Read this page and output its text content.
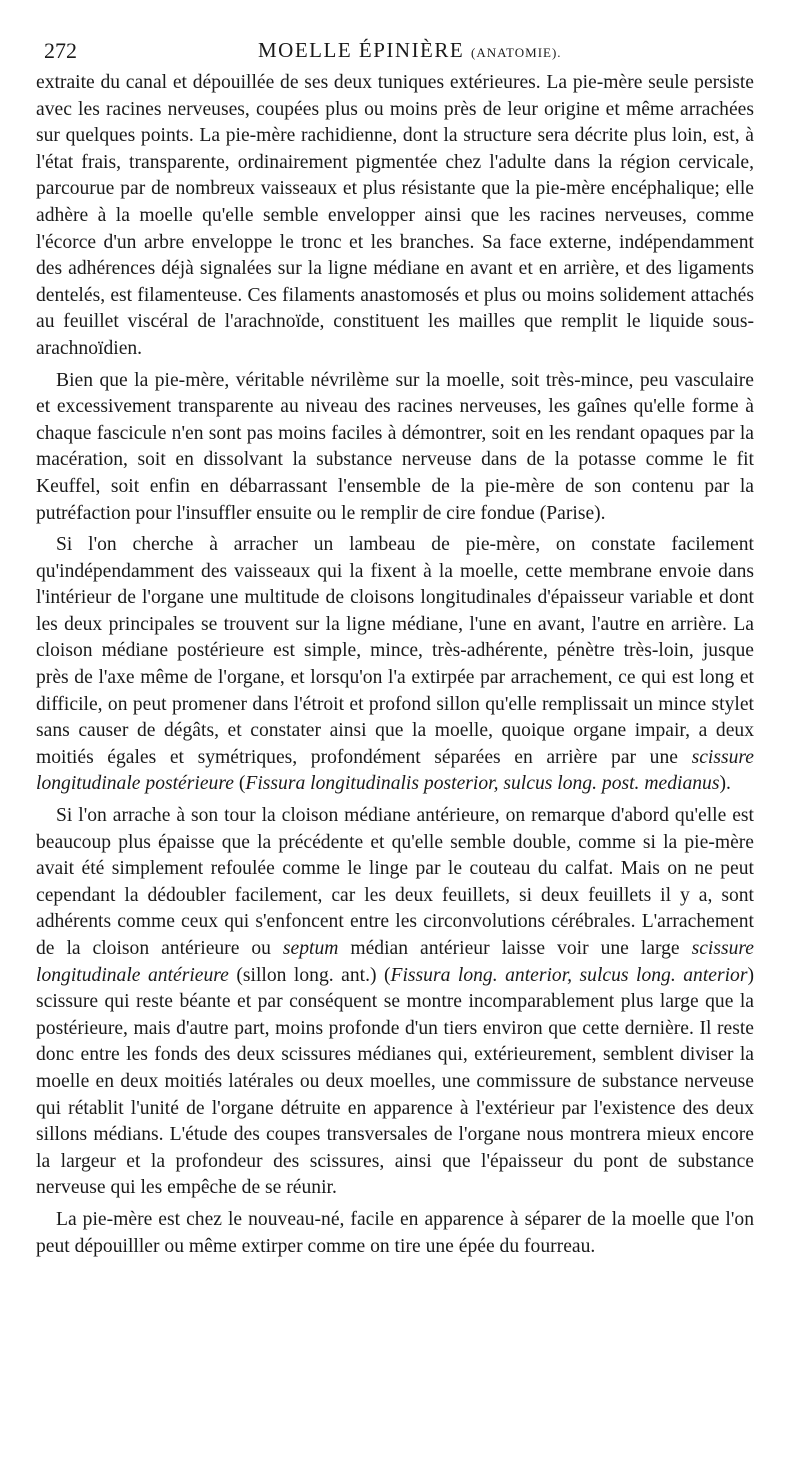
272	MOELLE ÉPINIÈRE (ANATOMIE).

extraite du canal et dépouillée de ses deux tuniques extérieures. La pie-mère seule persiste avec les racines nerveuses, coupées plus ou moins près de leur origine et même arrachées sur quelques points. La pie-mère rachidienne, dont la structure sera décrite plus loin, est, à l'état frais, transparente, ordinairement pigmentée chez l'adulte dans la région cervicale, parcourue par de nombreux vaisseaux et plus résistante que la pie-mère encéphalique; elle adhère à la moelle qu'elle semble envelopper ainsi que les racines nerveuses, comme l'écorce d'un arbre enveloppe le tronc et les branches. Sa face externe, indépendamment des adhérences déjà signalées sur la ligne médiane en avant et en arrière, et des ligaments dentelés, est filamenteuse. Ces filaments anastomosés et plus ou moins solidement attachés au feuillet viscéral de l'arachnoïde, constituent les mailles que remplit le liquide sous-arachnoïdien.

Bien que la pie-mère, véritable névrilème sur la moelle, soit très-mince, peu vasculaire et excessivement transparente au niveau des racines nerveuses, les gaînes qu'elle forme à chaque fascicule n'en sont pas moins faciles à démontrer, soit en les rendant opaques par la macération, soit en dissolvant la substance nerveuse dans de la potasse comme le fit Keuffel, soit enfin en débarrassant l'ensemble de la pie-mère de son contenu par la putréfaction pour l'insuffler ensuite ou le remplir de cire fondue (Parise).

Si l'on cherche à arracher un lambeau de pie-mère, on constate facilement qu'indépendamment des vaisseaux qui la fixent à la moelle, cette membrane envoie dans l'intérieur de l'organe une multitude de cloisons longitudinales d'épaisseur variable et dont les deux principales se trouvent sur la ligne médiane, l'une en avant, l'autre en arrière. La cloison médiane postérieure est simple, mince, très-adhérente, pénètre très-loin, jusque près de l'axe même de l'organe, et lorsqu'on l'a extirpée par arrachement, ce qui est long et difficile, on peut promener dans l'étroit et profond sillon qu'elle remplissait un mince stylet sans causer de dégâts, et constater ainsi que la moelle, quoique organe impair, a deux moitiés égales et symétriques, profondément séparées en arrière par une scissure longitudinale postérieure (Fissura longitudinalis posterior, sulcus long. post. medianus).

Si l'on arrache à son tour la cloison médiane antérieure, on remarque d'abord qu'elle est beaucoup plus épaisse que la précédente et qu'elle semble double, comme si la pie-mère avait été simplement refoulée comme le linge par le couteau du calfat. Mais on ne peut cependant la dédoubler facilement, car les deux feuillets, si deux feuillets il y a, sont adhérents comme ceux qui s'enfoncent entre les circonvolutions cérébrales. L'arrachement de la cloison antérieure ou septum médian antérieur laisse voir une large scissure longitudinale antérieure (sillon long. ant.) (Fissura long. anterior, sulcus long. anterior) scissure qui reste béante et par conséquent se montre incomparablement plus large que la postérieure, mais d'autre part, moins profonde d'un tiers environ que cette dernière. Il reste donc entre les fonds des deux scissures médianes qui, extérieurement, semblent diviser la moelle en deux moitiés latérales ou deux moelles, une commissure de substance nerveuse qui rétablit l'unité de l'organe détruite en apparence à l'extérieur par l'existence des deux sillons médians. L'étude des coupes transversales de l'organe nous montrera mieux encore la largeur et la profondeur des scissures, ainsi que l'épaisseur du pont de substance nerveuse qui les empêche de se réunir.

La pie-mère est chez le nouveau-né, facile en apparence à séparer de la moelle que l'on peut dépouilller ou même extirper comme on tire une épée du fourreau.
